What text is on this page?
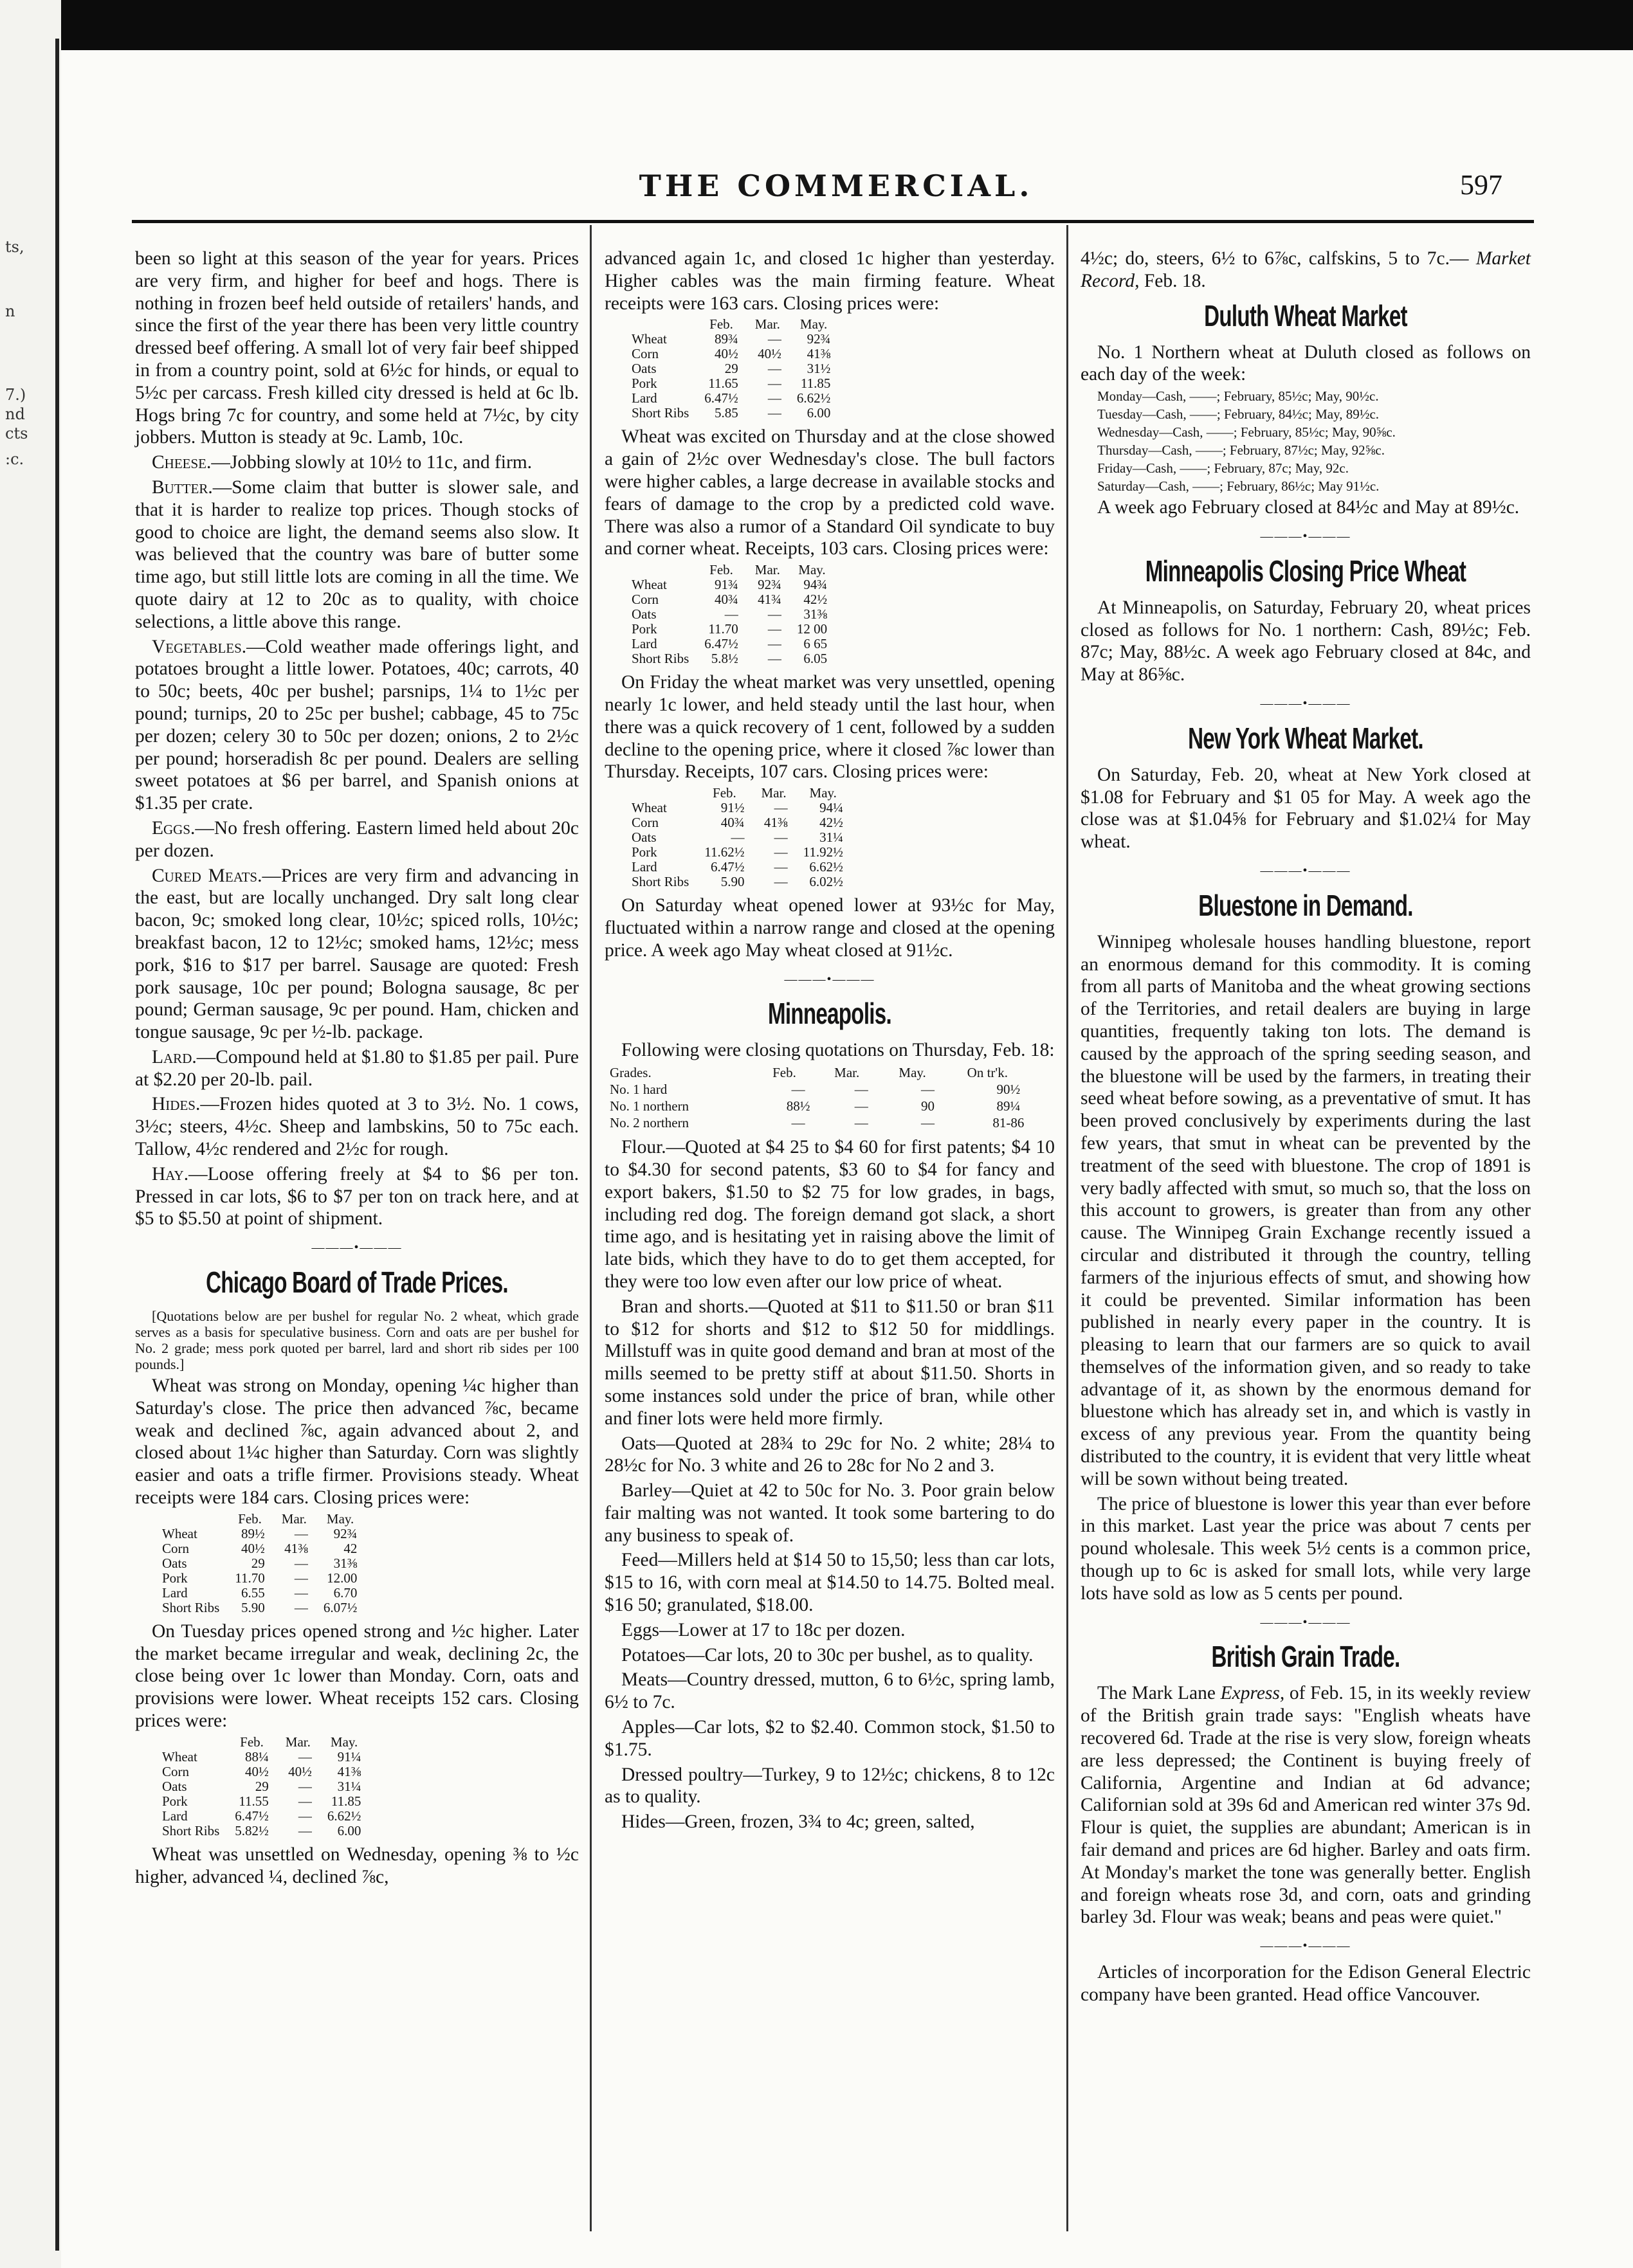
ts,
n
7.)
nd
cts
:c.
THE COMMERCIAL.	597

been so light at this season of the year for years. Prices are very firm, and higher for beef and hogs. There is nothing in frozen beef held outside of retailers' hands, and since the first of the year there has been very little country dressed beef offering. A small lot of very fair beef shipped in from a country point, sold at 6½c for hinds, or equal to 5½c per carcass. Fresh killed city dressed is held at 6c lb. Hogs bring 7c for country, and some held at 7½c, by city jobbers. Mutton is steady at 9c. Lamb, 10c.

Cheese.—Jobbing slowly at 10½ to 11c, and firm.

Butter.—Some claim that butter is slower sale, and that it is harder to realize top prices. Though stocks of good to choice are light, the demand seems also slow. It was believed that the country was bare of butter some time ago, but still little lots are coming in all the time. We quote dairy at 12 to 20c as to quality, with choice selections, a little above this range.

Vegetables.—Cold weather made offerings light, and potatoes brought a little lower. Potatoes, 40c; carrots, 40 to 50c; beets, 40c per bushel; parsnips, 1¼ to 1½c per pound; turnips, 20 to 25c per bushel; cabbage, 45 to 75c per dozen; celery 30 to 50c per dozen; onions, 2 to 2½c per pound; horseradish 8c per pound. Dealers are selling sweet potatoes at $6 per barrel, and Spanish onions at $1.35 per crate.

Eggs.—No fresh offering. Eastern limed held about 20c per dozen.

Cured Meats.—Prices are very firm and advancing in the east, but are locally unchanged. Dry salt long clear bacon, 9c; smoked long clear, 10½c; spiced rolls, 10½c; breakfast bacon, 12 to 12½c; smoked hams, 12½c; mess pork, $16 to $17 per barrel. Sausage are quoted: Fresh pork sausage, 10c per pound; Bologna sausage, 8c per pound; German sausage, 9c per pound. Ham, chicken and tongue sausage, 9c per ½-lb. package.

Lard.—Compound held at $1.80 to $1.85 per pail. Pure at $2.20 per 20-lb. pail.

Hides.—Frozen hides quoted at 3 to 3½. No. 1 cows, 3½c; steers, 4½c. Sheep and lambskins, 50 to 75c each. Tallow, 4½c rendered and 2½c for rough.

Hay.—Loose offering freely at $4 to $6 per ton. Pressed in car lots, $6 to $7 per ton on track here, and at $5 to $5.50 at point of shipment.

———•———
Chicago Board of Trade Prices.

[Quotations below are per bushel for regular No. 2 wheat, which grade serves as a basis for speculative business. Corn and oats are per bushel for No. 2 grade; mess pork quoted per barrel, lard and short rib sides per 100 pounds.]

Wheat was strong on Monday, opening ¼c higher than Saturday's close. The price then advanced ⅞c, became weak and declined ⅞c, again advanced about 2, and closed about 1¼c higher than Saturday. Corn was slightly easier and oats a trifle firmer. Provisions steady. Wheat receipts were 184 cars. Closing prices were:

	Feb.	Mar.	May.
Wheat	89½	—	92¾
Corn	40½	41⅜	42
Oats	29	—	31⅜
Pork	11.70	—	12.00
Lard	6.55	—	6.70
Short Ribs	5.90	—	6.07½

On Tuesday prices opened strong and ½c higher. Later the market became irregular and weak, declining 2c, the close being over 1c lower than Monday. Corn, oats and provisions were lower. Wheat receipts 152 cars. Closing prices were:

	Feb.	Mar.	May.
Wheat	88¼	—	91¼
Corn	40½	40½	41⅜
Oats	29	—	31¼
Pork	11.55	—	11.85
Lard	6.47½	—	6.62½
Short Ribs	5.82½	—	6.00

Wheat was unsettled on Wednesday, opening ⅜ to ½c higher, advanced ¼, declined ⅞c,

advanced again 1c, and closed 1c higher than yesterday. Higher cables was the main firming feature. Wheat receipts were 163 cars. Closing prices were:

	Feb.	Mar.	May.
Wheat	89¾	—	92¾
Corn	40½	40½	41⅜
Oats	29	—	31½
Pork	11.65	—	11.85
Lard	6.47½	—	6.62½
Short Ribs	5.85	—	6.00

Wheat was excited on Thursday and at the close showed a gain of 2½c over Wednesday's close. The bull factors were higher cables, a large decrease in available stocks and fears of damage to the crop by a predicted cold wave. There was also a rumor of a Standard Oil syndicate to buy and corner wheat. Receipts, 103 cars. Closing prices were:

	Feb.	Mar.	May.
Wheat	91¾	92¾	94¾
Corn	40¾	41¾	42½
Oats	—	—	31⅜
Pork	11.70	—	12 00
Lard	6.47½	—	6 65
Short Ribs	5.8½	—	6.05

On Friday the wheat market was very unsettled, opening nearly 1c lower, and held steady until the last hour, when there was a quick recovery of 1 cent, followed by a sudden decline to the opening price, where it closed ⅞c lower than Thursday. Receipts, 107 cars. Closing prices were:

	Feb.	Mar.	May.
Wheat	91½	—	94¼
Corn	40¾	41⅜	42½
Oats	—	—	31¼
Pork	11.62½	—	11.92½
Lard	6.47½	—	6.62½
Short Ribs	5.90	—	6.02½

On Saturday wheat opened lower at 93½c for May, fluctuated within a narrow range and closed at the opening price. A week ago May wheat closed at 91½c.

———•———
Minneapolis.

Following were closing quotations on Thursday, Feb. 18:

Grades.	Feb.	Mar.	May.	On tr'k.
No. 1 hard	—	—	—	90½
No. 1 northern	88½	—	90	89¼
No. 2 northern	—	—	—	81-86

Flour.—Quoted at $4 25 to $4 60 for first patents; $4 10 to $4.30 for second patents, $3 60 to $4 for fancy and export bakers, $1.50 to $2 75 for low grades, in bags, including red dog. The foreign demand got slack, a short time ago, and is hesitating yet in raising above the limit of late bids, which they have to do to get them accepted, for they were too low even after our low price of wheat.

Bran and shorts.—Quoted at $11 to $11.50 or bran $11 to $12 for shorts and $12 to $12 50 for middlings. Millstuff was in quite good demand and bran at most of the mills seemed to be pretty stiff at about $11.50. Shorts in some instances sold under the price of bran, while other and finer lots were held more firmly.

Oats—Quoted at 28¾ to 29c for No. 2 white; 28¼ to 28½c for No. 3 white and 26 to 28c for No 2 and 3.

Barley—Quiet at 42 to 50c for No. 3. Poor grain below fair malting was not wanted. It took some bartering to do any business to speak of.

Feed—Millers held at $14 50 to 15,50; less than car lots, $15 to 16, with corn meal at $14.50 to 14.75. Bolted meal. $16 50; granulated, $18.00.

Eggs—Lower at 17 to 18c per dozen.

Potatoes—Car lots, 20 to 30c per bushel, as to quality.

Meats—Country dressed, mutton, 6 to 6½c, spring lamb, 6½ to 7c.

Apples—Car lots, $2 to $2.40. Common stock, $1.50 to $1.75.

Dressed poultry—Turkey, 9 to 12½c; chickens, 8 to 12c as to quality.

Hides—Green, frozen, 3¾ to 4c; green, salted,

4½c; do, steers, 6½ to 6⅞c, calfskins, 5 to 7c.— Market Record, Feb. 18.

Duluth Wheat Market

No. 1 Northern wheat at Duluth closed as follows on each day of the week:

Monday—Cash, ——; February, 85½c; May, 90½c.

Tuesday—Cash, ——; February, 84½c; May, 89½c.

Wednesday—Cash, ——; February, 85½c; May, 90⅝c.

Thursday—Cash, ——; February, 87½c; May, 92⅝c.

Friday—Cash, ——; February, 87c; May, 92c.

Saturday—Cash, ——; February, 86½c; May 91½c.

A week ago February closed at 84½c and May at 89½c.

———•———
Minneapolis Closing Price Wheat

At Minneapolis, on Saturday, February 20, wheat prices closed as follows for No. 1 northern: Cash, 89½c; Feb. 87c; May, 88½c. A week ago February closed at 84c, and May at 86⅝c.

———•———
New York Wheat Market.

On Saturday, Feb. 20, wheat at New York closed at $1.08 for February and $1 05 for May. A week ago the close was at $1.04⅝ for February and $1.02¼ for May wheat.

———•———
Bluestone in Demand.

Winnipeg wholesale houses handling bluestone, report an enormous demand for this commodity. It is coming from all parts of Manitoba and the wheat growing sections of the Territories, and retail dealers are buying in large quantities, frequently taking ton lots. The demand is caused by the approach of the spring seeding season, and the bluestone will be used by the farmers, in treating their seed wheat before sowing, as a preventative of smut. It has been proved conclusively by experiments during the last few years, that smut in wheat can be prevented by the treatment of the seed with bluestone. The crop of 1891 is very badly affected with smut, so much so, that the loss on this account to growers, is greater than from any other cause. The Winnipeg Grain Exchange recently issued a circular and distributed it through the country, telling farmers of the injurious effects of smut, and showing how it could be prevented. Similar information has been published in nearly every paper in the country. It is pleasing to learn that our farmers are so quick to avail themselves of the information given, and so ready to take advantage of it, as shown by the enormous demand for bluestone which has already set in, and which is vastly in excess of any previous year. From the quantity being distributed to the country, it is evident that very little wheat will be sown without being treated.

The price of bluestone is lower this year than ever before in this market. Last year the price was about 7 cents per pound wholesale. This week 5½ cents is a common price, though up to 6c is asked for small lots, while very large lots have sold as low as 5 cents per pound.

———•———
British Grain Trade.

The Mark Lane Express, of Feb. 15, in its weekly review of the British grain trade says: "English wheats have recovered 6d. Trade at the rise is very slow, foreign wheats are less depressed; the Continent is buying freely of California, Argentine and Indian at 6d advance; Californian sold at 39s 6d and American red winter 37s 9d. Flour is quiet, the supplies are abundant; American is in fair demand and prices are 6d higher. Barley and oats firm. At Monday's market the tone was generally better. English and foreign wheats rose 3d, and corn, oats and grinding barley 3d. Flour was weak; beans and peas were quiet."

———•———

Articles of incorporation for the Edison General Electric company have been granted. Head office Vancouver.
